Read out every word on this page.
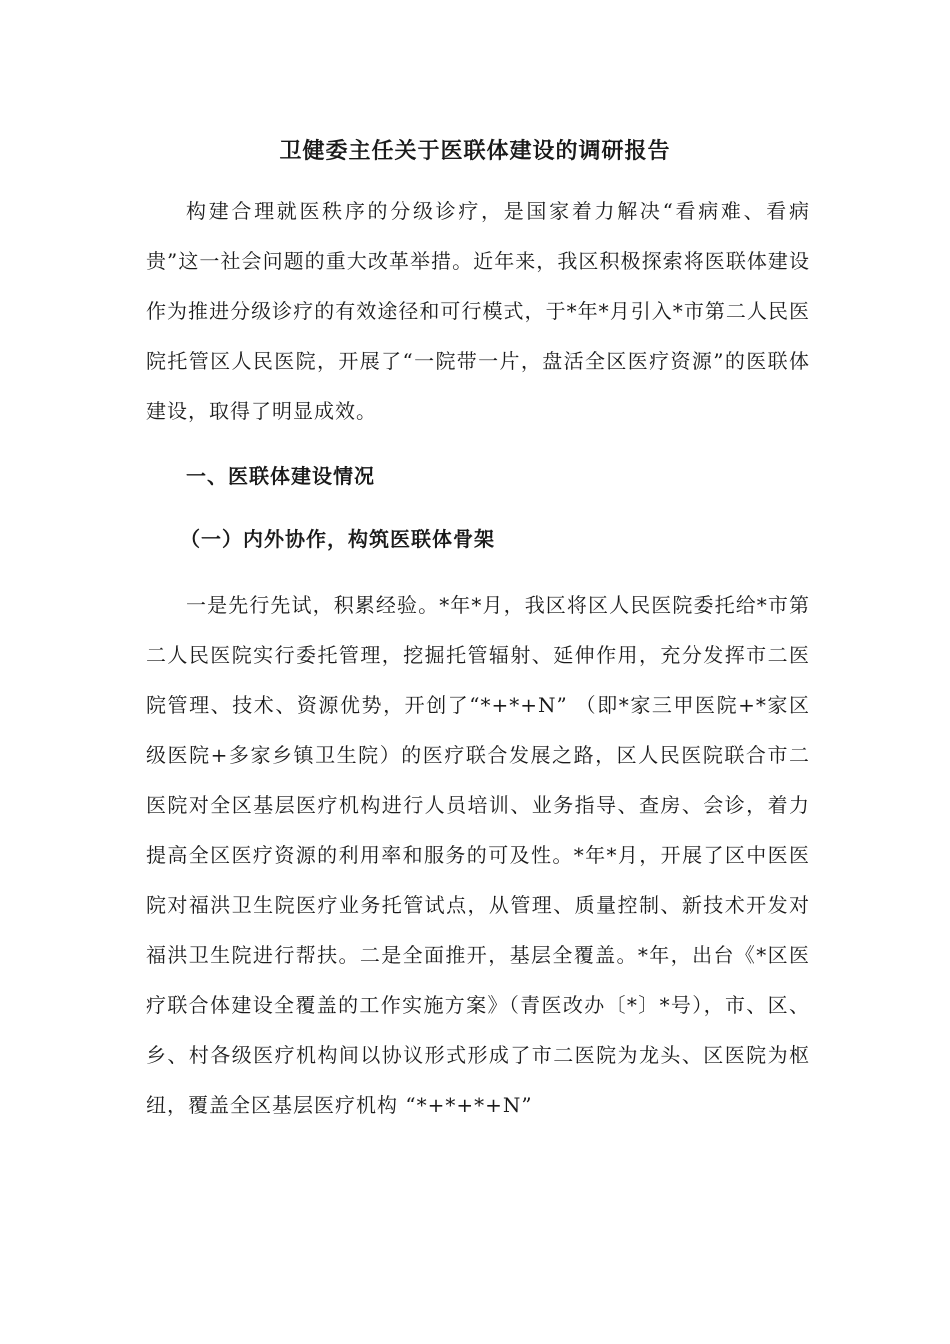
卫健委主任关于医联体建设的调研报告

构建合理就医秩序的分级诊疗，是国家着力解决“看病难、看病贵”这一社会问题的重大改革举措。近年来，我区积极探索将医联体建设作为推进分级诊疗的有效途径和可行模式，于*年*月引入*市第二人民医院托管区人民医院，开展了“一院带一片，盘活全区医疗资源”的医联体建设，取得了明显成效。

一、医联体建设情况
（一）内外协作，构筑医联体骨架

一是先行先试，积累经验。*年*月，我区将区人民医院委托给*市第二人民医院实行委托管理，挖掘托管辐射、延伸作用，充分发挥市二医院管理、技术、资源优势，开创了“*+*+N” （即*家三甲医院+*家区级医院+多家乡镇卫生院）的医疗联合发展之路，区人民医院联合市二医院对全区基层医疗机构进行人员培训、业务指导、查房、会诊，着力提高全区医疗资源的利用率和服务的可及性。*年*月，开展了区中医医院对福洪卫生院医疗业务托管试点，从管理、质量控制、新技术开发对福洪卫生院进行帮扶。二是全面推开，基层全覆盖。*年，出台《*区医疗联合体建设全覆盖的工作实施方案》（青医改办〔*〕*号），市、区、乡、村各级医疗机构间以协议形式形成了市二医院为龙头、区医院为枢纽，覆盖全区基层医疗机构 “*+*+*+N”
